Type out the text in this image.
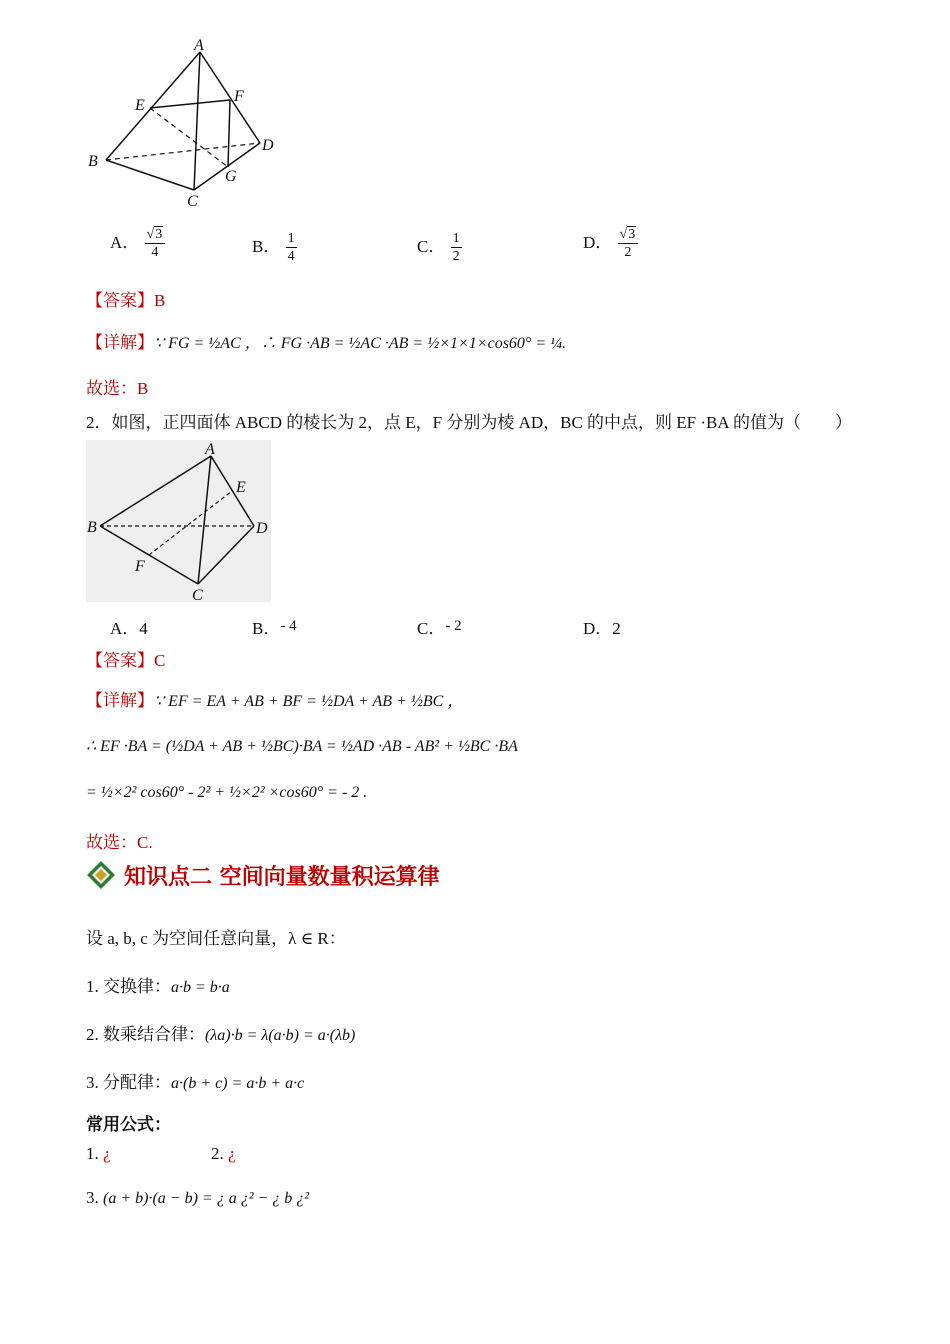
A
B
C
D
E
F
G
A． $\frac{√3}{4}$	B． $\frac{1}{4}$	C． $\frac{1}{2}$	D． $\frac{√3}{2}$
【答案】B
【详解】∵ FG = ½AC ，∴ FG ·AB = ½AC ·AB = ½×1×1×cos60° = ¼.
故选：B
2．如图，正四面体 ABCD 的棱长为 2，点 E，F 分别为棱 AD，BC 的中点，则 EF ·BA 的值为（　　）
A
B
C
D
E
F
A．4	B．- 4	C．- 2	D．2
【答案】C
【详解】∵ EF = EA + AB + BF = ½DA + AB + ½BC ，
∴ EF ·BA = (½DA + AB + ½BC)·BA = ½AD ·AB - AB² + ½BC ·BA
= ½×2² cos60° - 2² + ½×2² ×cos60° = - 2 .
故选：C.
知识点二 空间向量数量积运算律
设 a, b, c 为空间任意向量，λ ∈ R：
1. 交换律：a·b = b·a
2. 数乘结合律：(λa)·b = λ(a·b) = a·(λb)
3. 分配律：a·(b + c) = a·b + a·c
常用公式：
1. ¿	2. ¿
3. (a + b)·(a − b) = ¿ a ¿² − ¿ b ¿²
